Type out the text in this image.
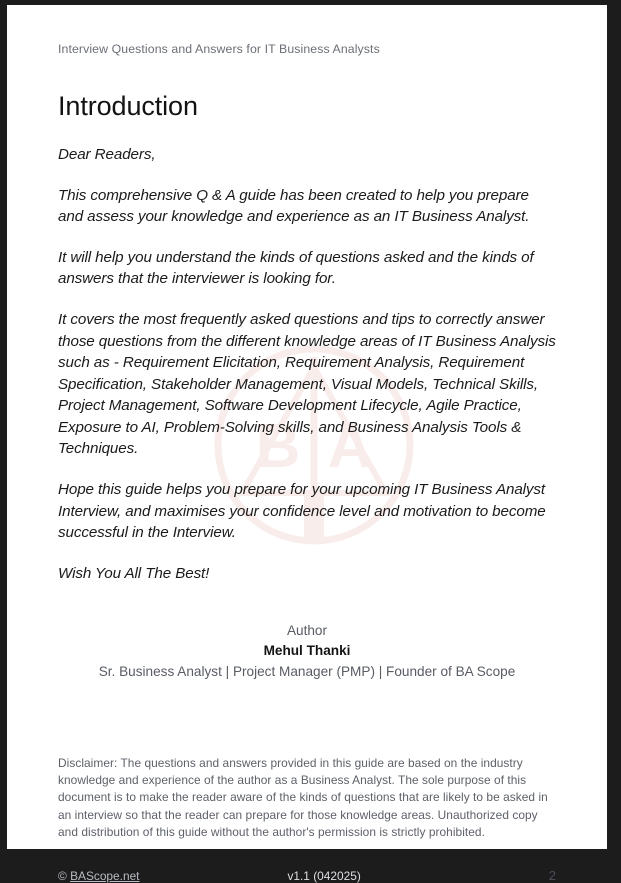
B A
Interview Questions and Answers for IT Business Analysts
Introduction

Dear Readers,

This comprehensive Q & A guide has been created to help you prepare and assess your knowledge and experience as an IT Business Analyst.

It will help you understand the kinds of questions asked and the kinds of answers that the interviewer is looking for.

It covers the most frequently asked questions and tips to correctly answer those questions from the different knowledge areas of IT Business Analysis such as - Requirement Elicitation, Requirement Analysis, Requirement Specification, Stakeholder Management, Visual Models, Technical Skills, Project Management, Software Development Lifecycle, Agile Practice, Exposure to AI, Problem-Solving skills, and Business Analysis Tools & Techniques.

Hope this guide helps you prepare for your upcoming IT Business Analyst Interview, and maximises your confidence level and motivation to become successful in the Interview.

Wish You All The Best!

Author
Mehul Thanki
Sr. Business Analyst | Project Manager (PMP) | Founder of BA Scope

Disclaimer: The questions and answers provided in this guide are based on the industry knowledge and experience of the author as a Business Analyst. The sole purpose of this document is to make the reader aware of the kinds of questions that are likely to be asked in an interview so that the reader can prepare for those knowledge areas. Unauthorized copy and distribution of this guide without the author's permission is strictly prohibited.

© BAScope.net	v1.1 (042025)	2
